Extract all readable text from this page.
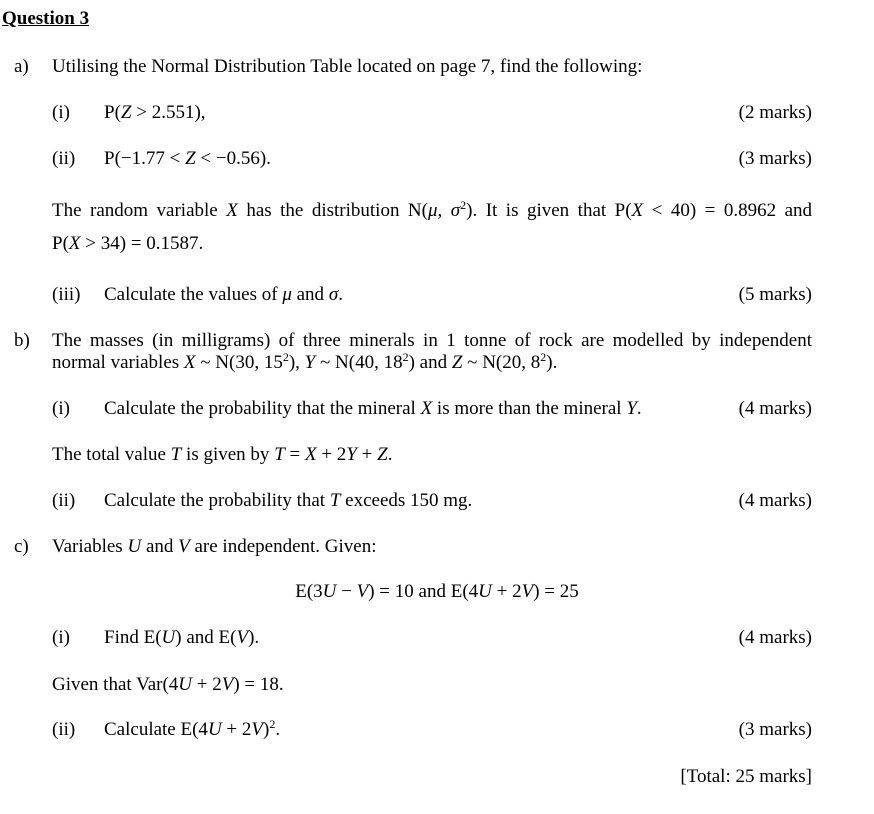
Question 3
a) Utilising the Normal Distribution Table located on page 7, find the following:
(i) P(Z > 2.551),	(2 marks)
(ii) P(−1.77 < Z < −0.56).	(3 marks)
The random variable X has the distribution N(μ, $\sigma^2$). It is given that P(X < 40) = 0.8962 and
P(X > 34) = 0.1587.
(iii) Calculate the values of μ and σ.	(5 marks)
b) The masses (in milligrams) of three minerals in 1 tonne of rock are modelled by independent
normal variables X ~ N(30, $15^2$), Y ~ N(40, $18^2$) and Z ~ N(20, $8^2$).
(i) Calculate the probability that the mineral X is more than the mineral Y.	(4 marks)
The total value T is given by T = X + 2Y + Z.
(ii) Calculate the probability that T exceeds 150 mg.	(4 marks)
c) Variables U and V are independent. Given:
E(3U − V) = 10 and E(4U + 2V) = 25
(i) Find E(U) and E(V).	(4 marks)
Given that Var(4U + 2V) = 18.
(ii) Calculate $E(4U + 2V)^2$.	(3 marks)
[Total: 25 marks]
